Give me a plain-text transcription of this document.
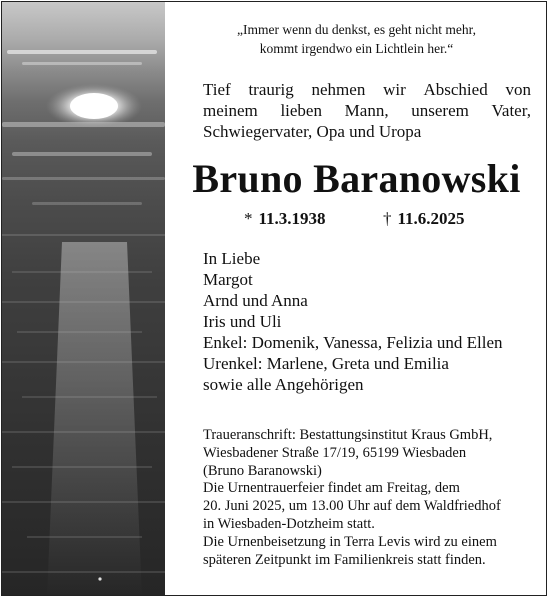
„Immer wenn du denkst, es geht nicht mehr,
kommt irgendwo ein Lichtlein her.“
Tief traurig nehmen wir Abschied von
meinem lieben Mann, unserem Vater,
Schwiegervater, Opa und Uropa
Bruno Baranowski
* 11.3.1938	† 11.6.2025
In Liebe
Margot
Arnd und Anna
Iris und Uli
Enkel: Domenik, Vanessa, Felizia und Ellen
Urenkel: Marlene, Greta und Emilia
sowie alle Angehörigen
Traueranschrift: Bestattungsinstitut Kraus GmbH,
Wiesbadener Straße 17/19, 65199 Wiesbaden
(Bruno Baranowski)
Die Urnentrauerfeier findet am Freitag, dem
20. Juni 2025, um 13.00 Uhr auf dem Waldfriedhof
in Wiesbaden-Dotzheim statt.
Die Urnenbeisetzung in Terra Levis wird zu einem
späteren Zeitpunkt im Familienkreis statt finden.
